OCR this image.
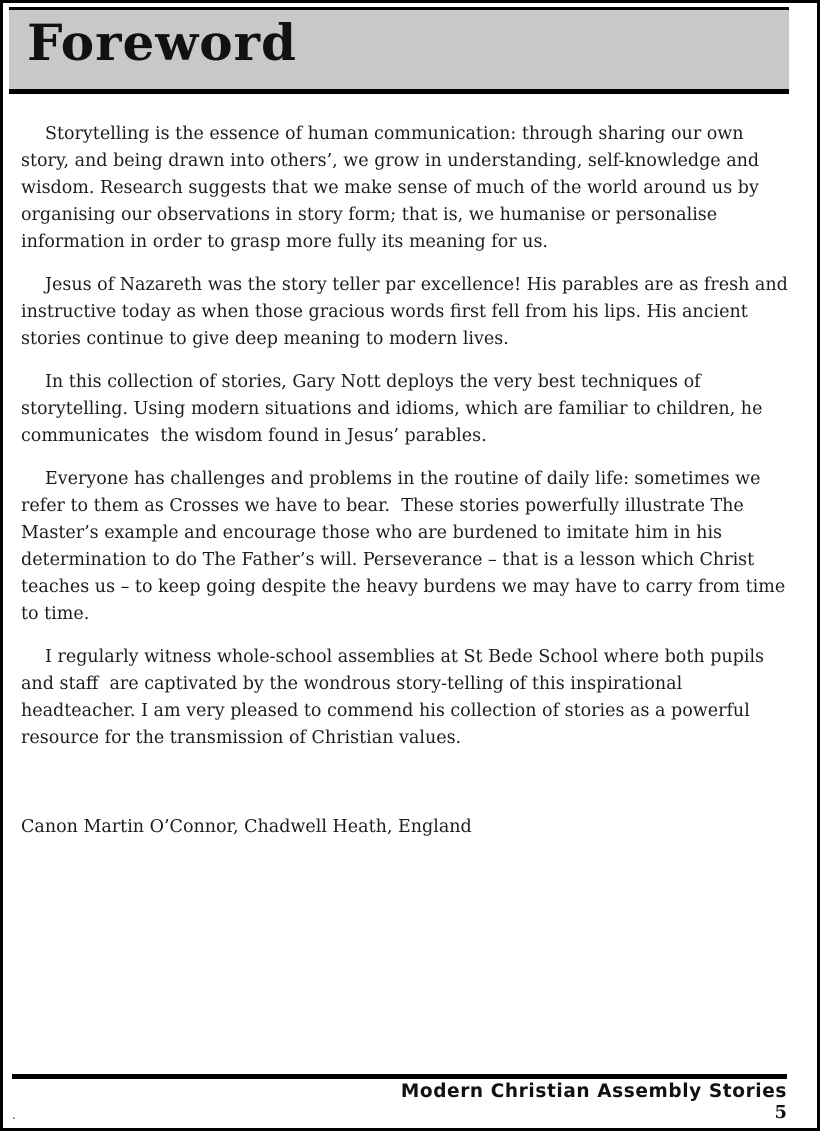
Foreword

Storytelling is the essence of human communication: through sharing our own story, and being drawn into others’, we grow in understanding, self-knowledge and wisdom. Research suggests that we make sense of much of the world around us by organising our observations in story form; that is, we humanise or personalise information in order to grasp more fully its meaning for us.

Jesus of Nazareth was the story teller par excellence! His parables are as fresh and instructive today as when those gracious words first fell from his lips. His ancient stories continue to give deep meaning to modern lives.

In this collection of stories, Gary Nott deploys the very best techniques of storytelling. Using modern situations and idioms, which are familiar to children, he communicates  the wisdom found in Jesus’ parables.

Everyone has challenges and problems in the routine of daily life: sometimes we refer to them as Crosses we have to bear.  These stories powerfully illustrate The Master’s example and encourage those who are burdened to imitate him in his determination to do The Father’s will. Perseverance – that is a lesson which Christ teaches us – to keep going despite the heavy burdens we may have to carry from time to time.

I regularly witness whole-school assemblies at St Bede School where both pupils and staff  are captivated by the wondrous story-telling of this inspirational headteacher. I am very pleased to commend his collection of stories as a powerful resource for the transmission of Christian values.

Canon Martin O’Connor, Chadwell Heath, England

Modern Christian Assembly Stories
5
.
